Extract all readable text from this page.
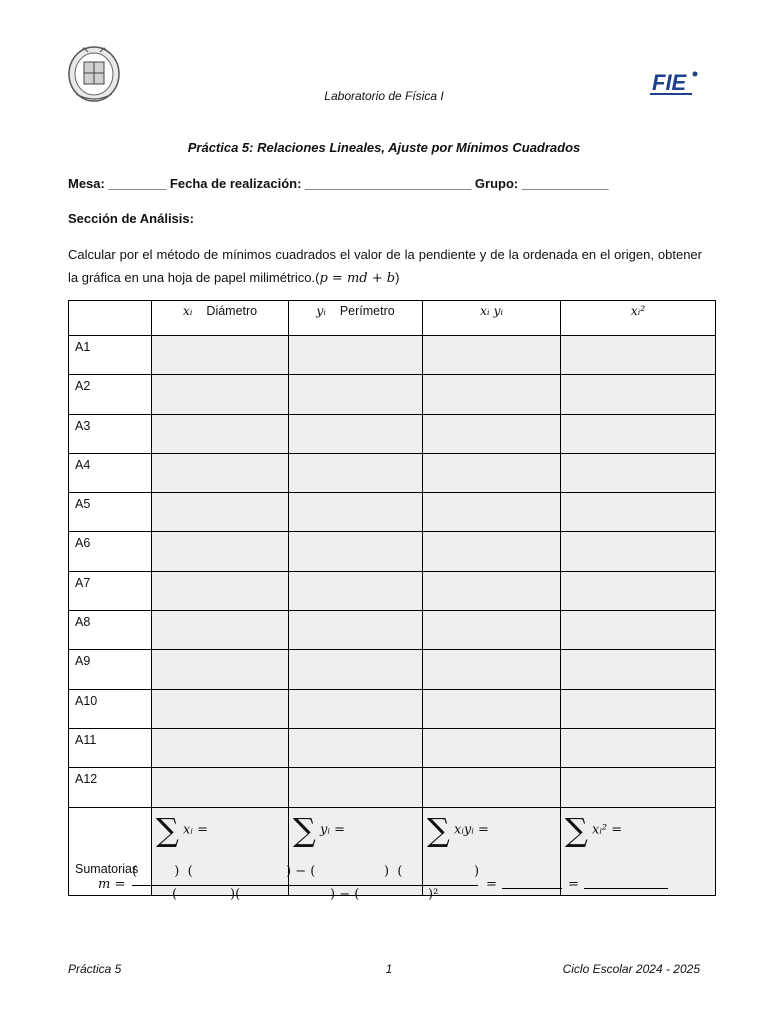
Laboratorio de Física I
FIE
Práctica 5: Relaciones Lineales, Ajuste por Mínimos Cuadrados
Mesa: ________ Fecha de realización: _______________________ Grupo: ____________
Sección de Análisis:
Calcular por el método de mínimos cuadrados el valor de la pendiente y de la ordenada en el origen, obtener la gráfica en una hoja de papel milimétrico.(p = md + b)

	xᵢ Diámetro	yᵢ Perímetro	xᵢ yᵢ	xᵢ²

A1				
A2				
A3				
A4				
A5				
A6				
A7				
A8				
A9				
A10				
A11				
A12				
Sumatorias	∑ xᵢ =	∑ yᵢ =	∑ xᵢyᵢ =	∑ xᵢ² =
m =
(         )  (	) − (	)  (	)
(	)(	) − (	)²
=	=
Práctica 5	1	Ciclo Escolar 2024 - 2025
